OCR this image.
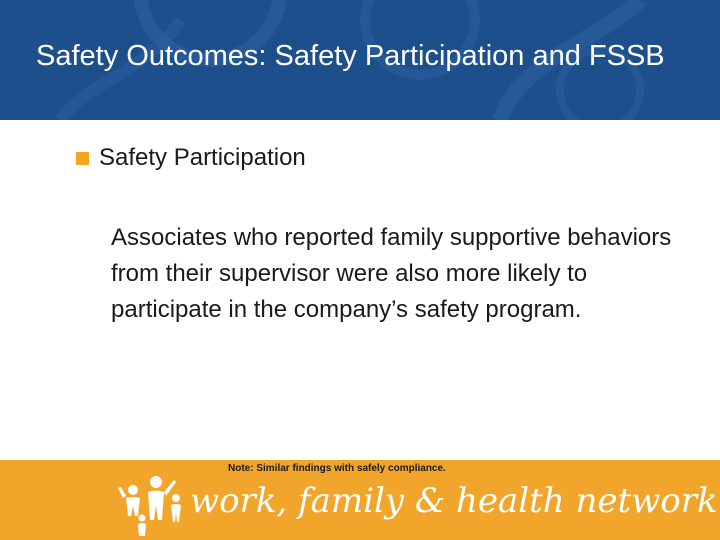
Safety Outcomes: Safety Participation and FSSB
Safety Participation

Associates who reported family supportive behaviors from their supervisor were also more likely to participate in the company’s safety program.

Note: Similar findings with safely compliance.

work, family & health network
